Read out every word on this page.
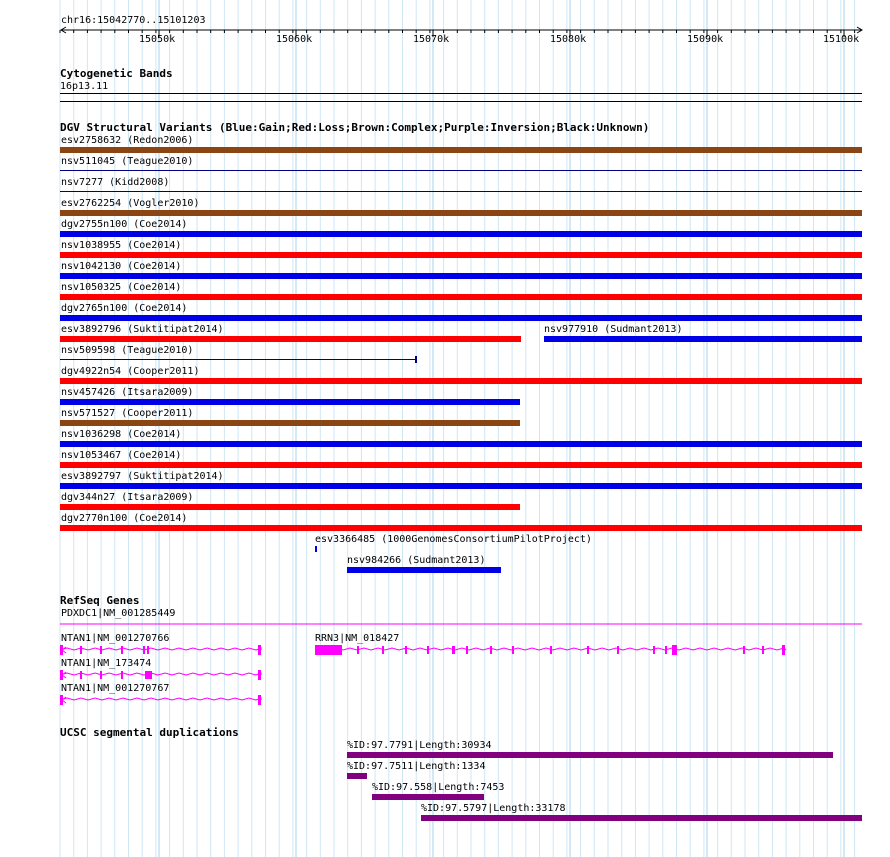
chr16:15042770..15101203
15050k	15060k	15070k	15080k	15090k	15100k
Cytogenetic Bands
16p13.11
DGV Structural Variants (Blue:Gain;Red:Loss;Brown:Complex;Purple:Inversion;Black:Unknown)
esv2758632 (Redon2006)
nsv511045 (Teague2010)
nsv7277 (Kidd2008)
esv2762254 (Vogler2010)
dgv2755n100 (Coe2014)
nsv1038955 (Coe2014)
nsv1042130 (Coe2014)
nsv1050325 (Coe2014)
dgv2765n100 (Coe2014)
esv3892796 (Suktitipat2014)	nsv977910 (Sudmant2013)
nsv509598 (Teague2010)
dgv4922n54 (Cooper2011)
nsv457426 (Itsara2009)
nsv571527 (Cooper2011)
nsv1036298 (Coe2014)
nsv1053467 (Coe2014)
esv3892797 (Suktitipat2014)
dgv344n27 (Itsara2009)
dgv2770n100 (Coe2014)
esv3366485 (1000GenomesConsortiumPilotProject)
nsv984266 (Sudmant2013)
RefSeq Genes
PDXDC1|NM_001285449
NTAN1|NM_001270766	RRN3|NM_018427
NTAN1|NM_173474
NTAN1|NM_001270767
UCSC segmental duplications
%ID:97.7791|Length:30934
%ID:97.7511|Length:1334
%ID:97.558|Length:7453
%ID:97.5797|Length:33178
